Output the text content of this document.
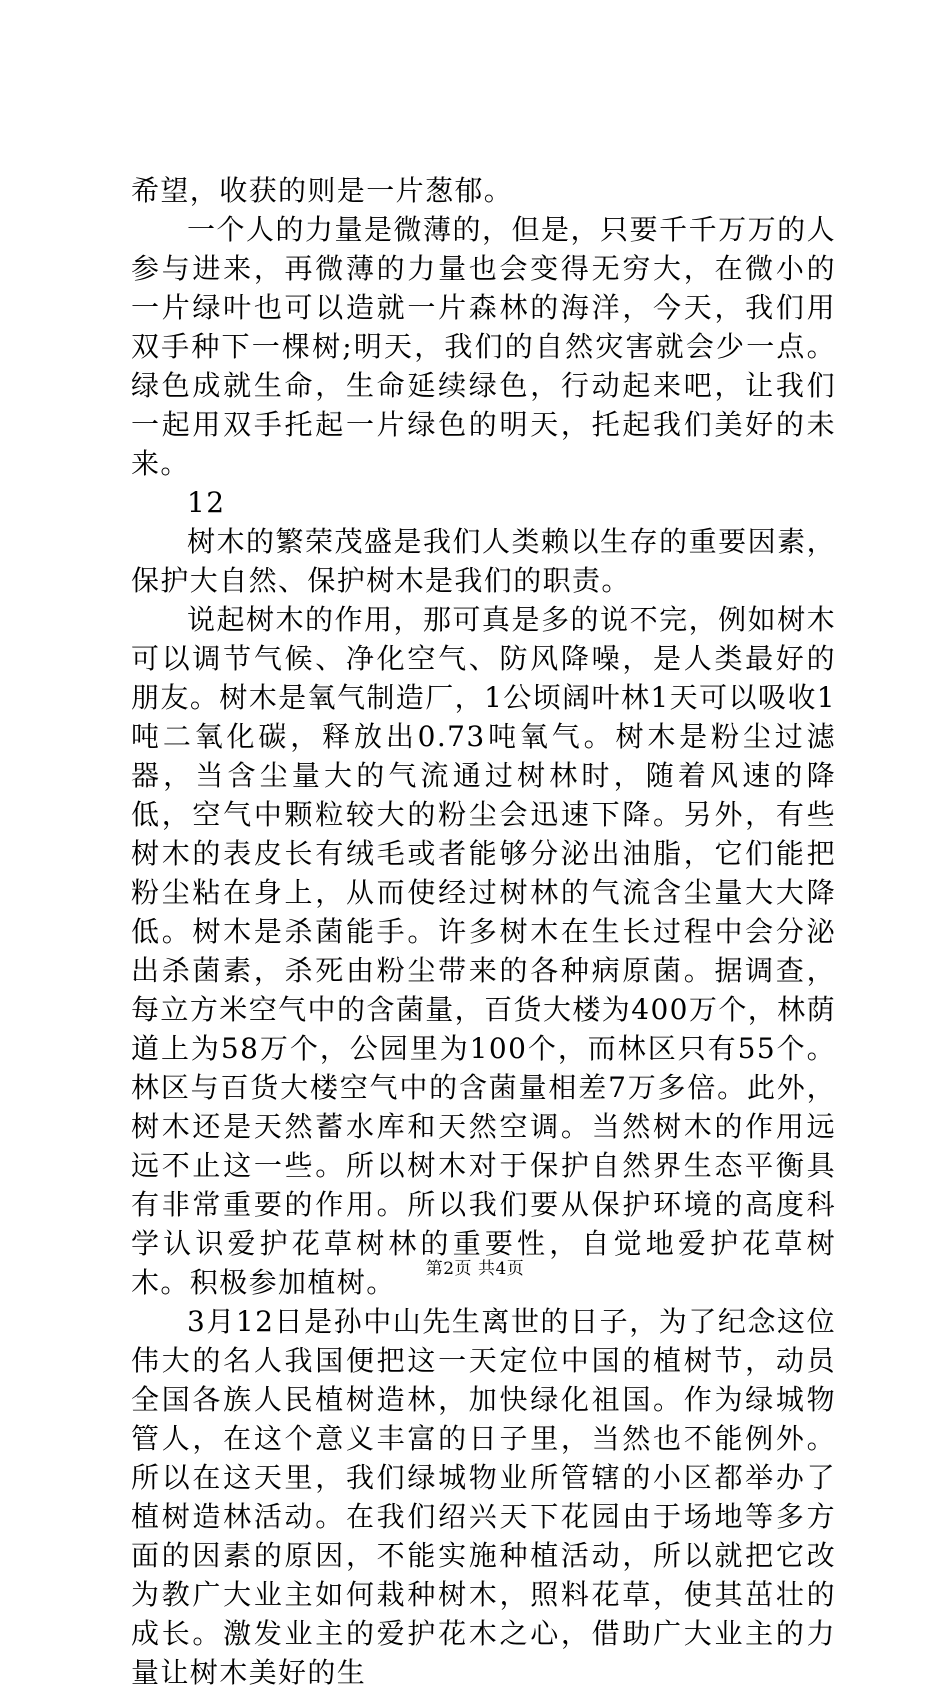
希望，收获的则是一片葱郁。

一个人的力量是微薄的，但是，只要千千万万的人参与进来，再微薄的力量也会变得无穷大，在微小的一片绿叶也可以造就一片森林的海洋，今天，我们用双手种下一棵树;明天，我们的自然灾害就会少一点。绿色成就生命，生命延续绿色，行动起来吧，让我们一起用双手托起一片绿色的明天，托起我们美好的未来。

12

树木的繁荣茂盛是我们人类赖以生存的重要因素，保护大自然、保护树木是我们的职责。

说起树木的作用，那可真是多的说不完，例如树木可以调节气候、净化空气、防风降噪，是人类最好的朋友。树木是氧气制造厂，1公顷阔叶林1天可以吸收1吨二氧化碳，释放出0.73吨氧气。树木是粉尘过滤器，当含尘量大的气流通过树林时，随着风速的降低，空气中颗粒较大的粉尘会迅速下降。另外，有些树木的表皮长有绒毛或者能够分泌出油脂，它们能把粉尘粘在身上，从而使经过树林的气流含尘量大大降低。树木是杀菌能手。许多树木在生长过程中会分泌出杀菌素，杀死由粉尘带来的各种病原菌。据调查，每立方米空气中的含菌量，百货大楼为400万个，林荫道上为58万个，公园里为100个，而林区只有55个。林区与百货大楼空气中的含菌量相差7万多倍。此外，树木还是天然蓄水库和天然空调。当然树木的作用远远不止这一些。所以树木对于保护自然界生态平衡具有非常重要的作用。所以我们要从保护环境的高度科学认识爱护花草树林的重要性，自觉地爱护花草树木。积极参加植树。

3月12日是孙中山先生离世的日子，为了纪念这位伟大的名人我国便把这一天定位中国的植树节，动员全国各族人民植树造林，加快绿化祖国。作为绿城物管人，在这个意义丰富的日子里，当然也不能例外。所以在这天里，我们绿城物业所管辖的小区都举办了植树造林活动。在我们绍兴天下花园由于场地等多方面的因素的原因，不能实施种植活动，所以就把它改为教广大业主如何栽种树木，照料花草，使其茁壮的成长。激发业主的爱护花木之心，借助广大业主的力量让树木美好的生

第2页 共4页
